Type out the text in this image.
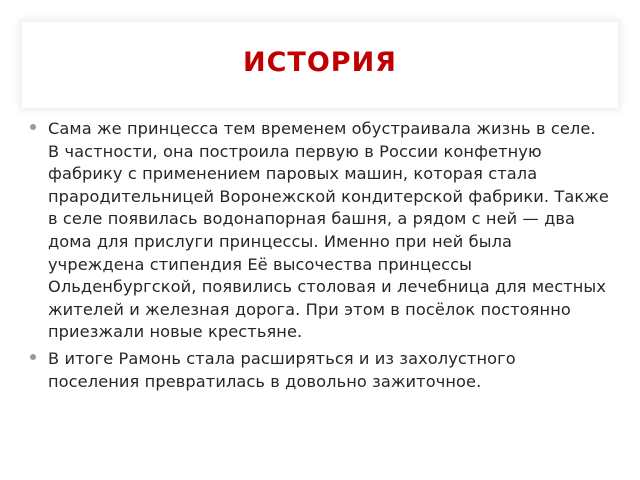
ИСТОРИЯ
Сама же принцесса тем временем обустраивала жизнь в селе. В частности, она построила первую в России конфетную фабрику с применением паровых машин, которая стала прародительницей Воронежской кондитерской фабрики. Также в селе появилась водонапорная башня, а рядом с ней — два дома для прислуги принцессы. Именно при ней была учреждена стипендия Её высочества принцессы Ольденбургской, появились столовая и лечебница для местных жителей и железная дорога. При этом в посёлок постоянно приезжали новые крестьяне.
В итоге Рамонь стала расширяться и из захолустного поселения превратилась в довольно зажиточное.
